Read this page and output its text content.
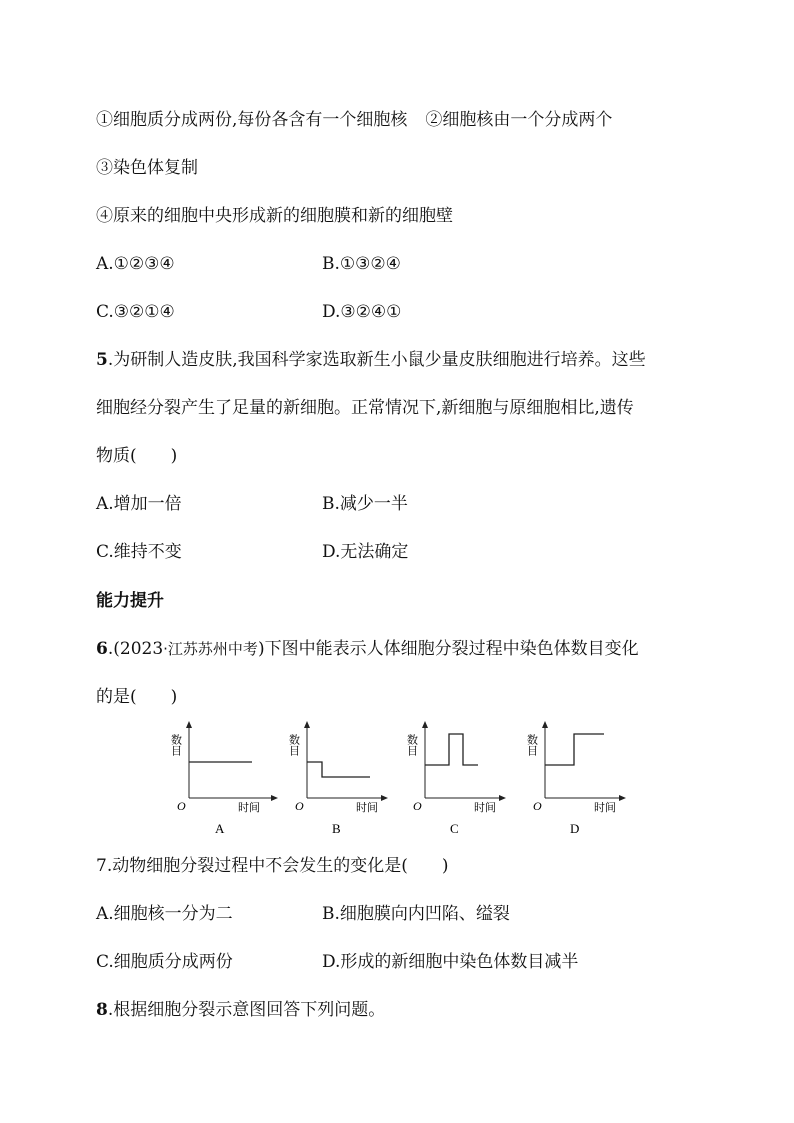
①细胞质分成两份,每份各含有一个细胞核 ②细胞核由一个分成两个
③染色体复制
④原来的细胞中央形成新的细胞膜和新的细胞壁
A.①②③④	B.①③②④
C.③②①④	D.③②④①
5.为研制人造皮肤,我国科学家选取新生小鼠少量皮肤细胞进行培养。这些
细胞经分裂产生了足量的新细胞。正常情况下,新细胞与原细胞相比,遗传
物质(　　)
A.增加一倍	B.减少一半
C.维持不变	D.无法确定
能力提升
6.(2023·江苏苏州中考)下图中能表示人体细胞分裂过程中染色体数目变化
的是(　　)
数目
时间
O
A
数目
时间
O
B
数目
时间
O
C
数目
时间
O
D
7.动物细胞分裂过程中不会发生的变化是(　　)
A.细胞核一分为二	B.细胞膜向内凹陷、缢裂
C.细胞质分成两份	D.形成的新细胞中染色体数目减半
8.根据细胞分裂示意图回答下列问题。
